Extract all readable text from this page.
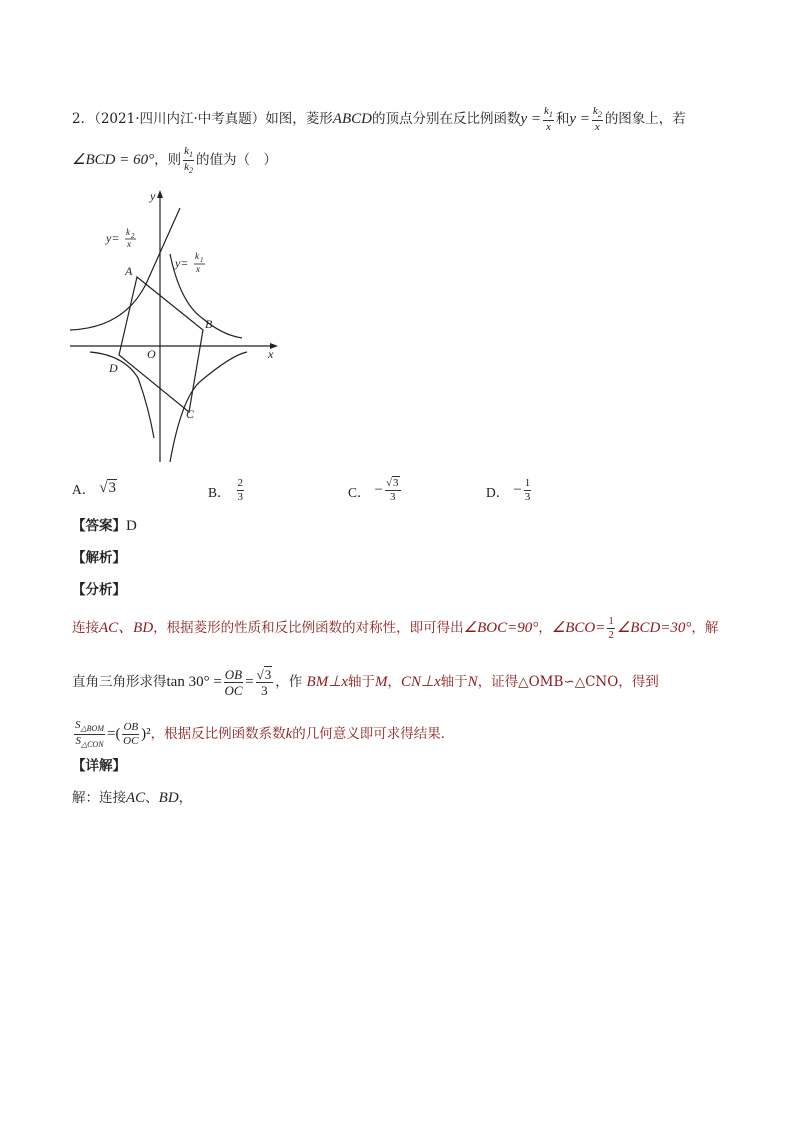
2．（2021·四川内江·中考真题）如图，菱形ABCD的顶点分别在反比例函数$y = \frac{k_1}{x}$ 和$y = \frac{k_2}{x}$ 的图象上，若
∠BCD = 60°，则 $\frac{k_1}{k_2}$ 的值为（　）
y
x
O
A
B
C
D
y= k 2
x
y= k 1
x
A． √3	B． $\frac{2}{3}$	C． − $\frac{√3}{3}$	D． − $\frac{1}{3}$
【答案】D
【解析】
【分析】
连接AC、BD，根据菱形的性质和反比例函数的对称性，即可得出∠BOC=90°，∠BCO= $\frac{1}{2}$ ∠BCD=30°，解
直角三角形求得$\tan 30^\circ = \frac{OB}{OC} = \frac{√3}{3}$ ，作 BM⊥x轴于M，CN⊥x轴于N，证得△OMB∽△CNO，得到
$\frac{S_{\triangle BOM}}{S_{\triangle CON}}$ =( $\frac{OB}{OC} )^2$，根据反比例函数系数k的几何意义即可求得结果．
【详解】
解：连接AC、BD，
